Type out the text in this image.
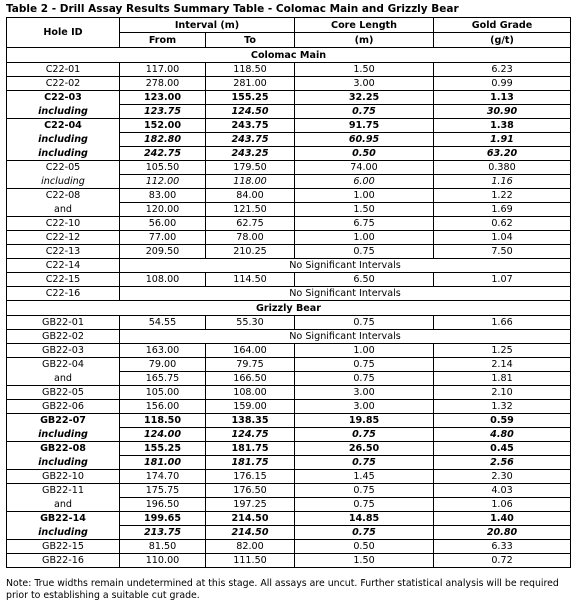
Table 2 - Drill Assay Results Summary Table - Colomac Main and Grizzly Bear
Hole ID	Interval (m)		Core Length	Gold Grade
	From	To	(m)	(g/t)
Colomac Main				
C22-01	117.00	118.50	1.50	6.23
C22-02	278.00	281.00	3.00	0.99
C22-03	123.00	155.25	32.25	1.13
including	123.75	124.50	0.75	30.90
C22-04	152.00	243.75	91.75	1.38
including	182.80	243.75	60.95	1.91
including	242.75	243.25	0.50	63.20
C22-05	105.50	179.50	74.00	0.380
including	112.00	118.00	6.00	1.16
C22-08	83.00	84.00	1.00	1.22
and	120.00	121.50	1.50	1.69
C22-10	56.00	62.75	6.75	0.62
C22-12	77.00	78.00	1.00	1.04
C22-13	209.50	210.25	0.75	7.50
C22-14	No Significant Intervals			
C22-15	108.00	114.50	6.50	1.07
C22-16	No Significant Intervals			
Grizzly Bear				
GB22-01	54.55	55.30	0.75	1.66
GB22-02	No Significant Intervals			
GB22-03	163.00	164.00	1.00	1.25
GB22-04	79.00	79.75	0.75	2.14
and	165.75	166.50	0.75	1.81
GB22-05	105.00	108.00	3.00	2.10
GB22-06	156.00	159.00	3.00	1.32
GB22-07	118.50	138.35	19.85	0.59
including	124.00	124.75	0.75	4.80
GB22-08	155.25	181.75	26.50	0.45
including	181.00	181.75	0.75	2.56
GB22-10	174.70	176.15	1.45	2.30
GB22-11	175.75	176.50	0.75	4.03
and	196.50	197.25	0.75	1.06
GB22-14	199.65	214.50	14.85	1.40
including	213.75	214.50	0.75	20.80
GB22-15	81.50	82.00	0.50	6.33
GB22-16	110.00	111.50	1.50	0.72
Note: True widths remain undetermined at this stage. All assays are uncut. Further statistical analysis will be required prior to establishing a suitable cut grade.
